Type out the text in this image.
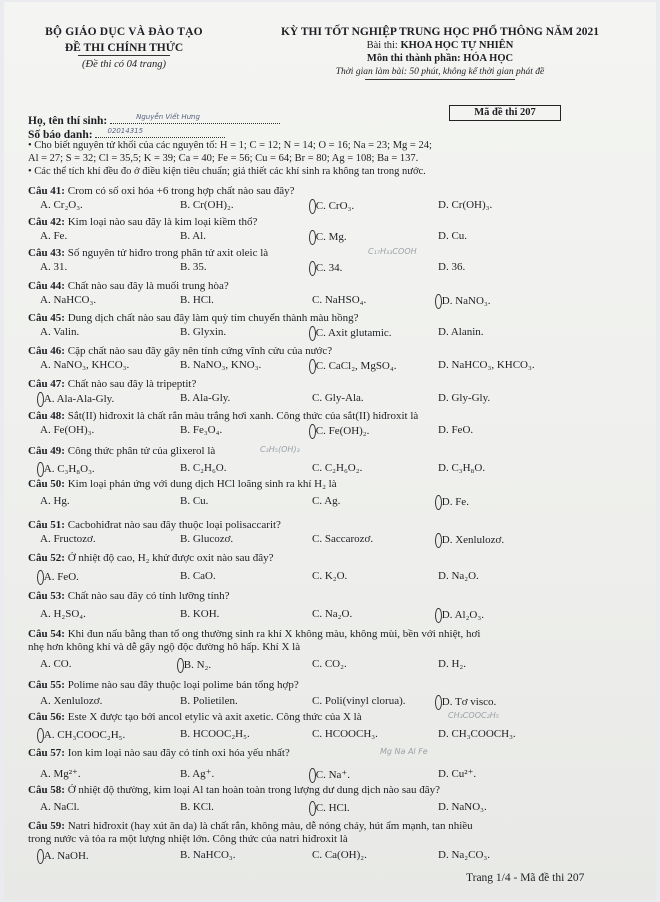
BỘ GIÁO DỤC VÀ ĐÀO TẠO
ĐỀ THI CHÍNH THỨC
(Đề thi có 04 trang)
KỲ THI TỐT NGHIỆP TRUNG HỌC PHỔ THÔNG NĂM 2021
Bài thi: KHOA HỌC TỰ NHIÊN
Môn thi thành phần: HÓA HỌC
Thời gian làm bài: 50 phút, không kể thời gian phát đề
Họ, tên thí sinh:	Nguyễn Viết Hưng
Số báo danh: 02014315
Mã đề thi 207
• Cho biết nguyên tử khối của các nguyên tố: H = 1; C = 12; N = 14; O = 16; Na = 23; Mg = 24;
Al = 27; S = 32; Cl = 35,5; K = 39; Ca = 40; Fe = 56; Cu = 64; Br = 80; Ag = 108; Ba = 137.
• Các thể tích khí đều đo ở điều kiện tiêu chuẩn; giả thiết các khí sinh ra không tan trong nước.
Câu 41: Crom có số oxi hóa +6 trong hợp chất nào sau đây?
A. Cr₂O₃.	B. Cr(OH)₂.	C. CrO₃.	D. Cr(OH)₃.
Câu 42: Kim loại nào sau đây là kim loại kiềm thổ?
A. Fe.	B. Al.	C. Mg.	D. Cu.
Câu 43: Số nguyên tử hiđro trong phân tử axit oleic là	C₁₇H₃₃COOH
A. 31.	B. 35.	C. 34.	D. 36.
Câu 44: Chất nào sau đây là muối trung hòa?
A. NaHCO₃.	B. HCl.	C. NaHSO₄.	D. NaNO₃.
Câu 45: Dung dịch chất nào sau đây làm quỳ tím chuyển thành màu hồng?
A. Valin.	B. Glyxin.	C. Axit glutamic.	D. Alanin.
Câu 46: Cặp chất nào sau đây gây nên tính cứng vĩnh cửu của nước?
A. NaNO₃, KHCO₃.	B. NaNO₃, KNO₃.	C. CaCl₂, MgSO₄.	D. NaHCO₃, KHCO₃.
Câu 47: Chất nào sau đây là tripeptit?
A. Ala-Ala-Gly.	B. Ala-Gly.	C. Gly-Ala.	D. Gly-Gly.
Câu 48: Sắt(II) hiđroxit là chất rắn màu trắng hơi xanh. Công thức của sắt(II) hiđroxit là
A. Fe(OH)₃.	B. Fe₃O₄.	C. Fe(OH)₂.	D. FeO.
Câu 49: Công thức phân tử của glixerol là	C₃H₅(OH)₃
A. C₃H₈O₃.	B. C₂H₆O.	C. C₂H₆O₂.	D. C₃H₈O.
Câu 50: Kim loại phản ứng với dung dịch HCl loãng sinh ra khí H₂ là
A. Hg.	B. Cu.	C. Ag.	D. Fe.
Câu 51: Cacbohiđrat nào sau đây thuộc loại polisaccarit?
A. Fructozơ.	B. Glucozơ.	C. Saccarozơ.	D. Xenlulozơ.
Câu 52: Ở nhiệt độ cao, H₂ khử được oxit nào sau đây?
A. FeO.	B. CaO.	C. K₂O.	D. Na₂O.
Câu 53: Chất nào sau đây có tính lưỡng tính?
A. H₂SO₄.	B. KOH.	C. Na₂O.	D. Al₂O₃.
Câu 54: Khi đun nấu bằng than tổ ong thường sinh ra khí X không màu, không mùi, bền với nhiệt, hơi
nhẹ hơn không khí và dễ gây ngộ độc đường hô hấp. Khí X là
A. CO.	B. N₂.	C. CO₂.	D. H₂.
Câu 55: Polime nào sau đây thuộc loại polime bán tổng hợp?
A. Xenlulozơ.	B. Polietilen.	C. Poli(vinyl clorua).	D. Tơ visco.
Câu 56: Este X được tạo bởi ancol etylic và axit axetic. Công thức của X là	CH₃COOC₂H₅
A. CH₃COOC₂H₅.	B. HCOOC₂H₅.	C. HCOOCH₃.	D. CH₃COOCH₃.
Câu 57: Ion kim loại nào sau đây có tính oxi hóa yếu nhất?	Mg Na Al Fe
A. Mg²⁺.	B. Ag⁺.	C. Na⁺.	D. Cu²⁺.
Câu 58: Ở nhiệt độ thường, kim loại Al tan hoàn toàn trong lượng dư dung dịch nào sau đây?
A. NaCl.	B. KCl.	C. HCl.	D. NaNO₃.
Câu 59: Natri hiđroxit (hay xút ăn da) là chất rắn, không màu, dễ nóng chảy, hút ẩm mạnh, tan nhiều
trong nước và tỏa ra một lượng nhiệt lớn. Công thức của natri hiđroxit là
A. NaOH.	B. NaHCO₃.	C. Ca(OH)₂.	D. Na₂CO₃.
Trang 1/4 - Mã đề thi 207
